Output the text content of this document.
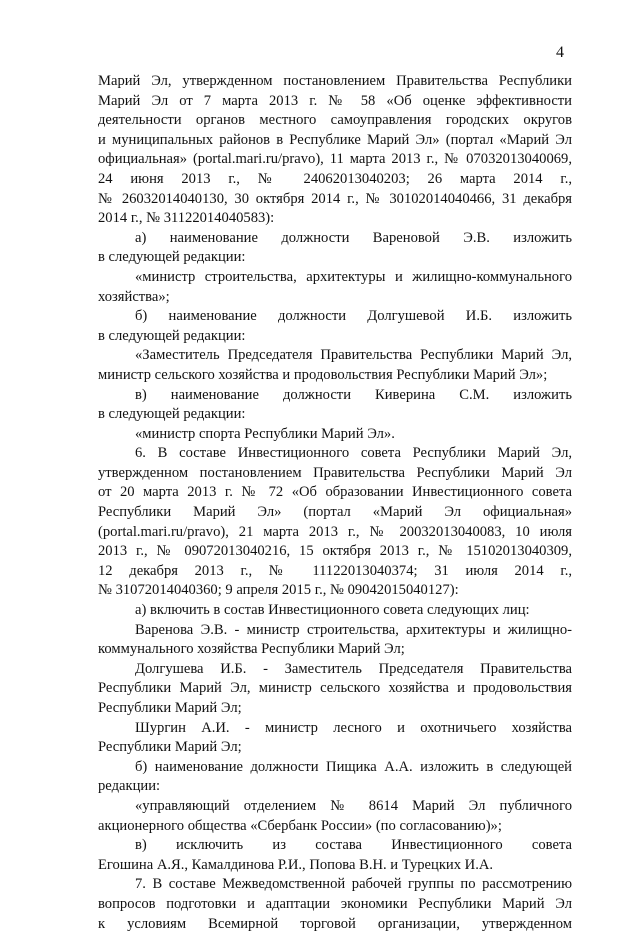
4
Марий Эл, утвержденном постановлением Правительства Республики
Марий Эл от 7 марта 2013 г. № 58 «Об оценке эффективности
деятельности органов местного самоуправления городских округов
и муниципальных районов в Республике Марий Эл» (портал «Марий Эл
официальная» (portal.mari.ru/pravo), 11 марта 2013 г., № 07032013040069,
24 июня 2013 г., № 24062013040203; 26 марта 2014 г.,
№ 26032014040130, 30 октября 2014 г., № 30102014040466, 31 декабря
2014 г., № 31122014040583):
а) наименование должности Вареновой Э.В. изложить
в следующей редакции:
«министр строительства, архитектуры и жилищно-коммунального
хозяйства»;
б) наименование должности Долгушевой И.Б. изложить
в следующей редакции:
«Заместитель Председателя Правительства Республики Марий Эл,
министр сельского хозяйства и продовольствия Республики Марий Эл»;
в) наименование должности Киверина С.М. изложить
в следующей редакции:
«министр спорта Республики Марий Эл».
6. В составе Инвестиционного совета Республики Марий Эл,
утвержденном постановлением Правительства Республики Марий Эл
от 20 марта 2013 г. № 72 «Об образовании Инвестиционного совета
Республики Марий Эл» (портал «Марий Эл официальная»
(portal.mari.ru/pravo), 21 марта 2013 г., № 20032013040083, 10 июля
2013 г., № 09072013040216, 15 октября 2013 г., № 15102013040309,
12 декабря 2013 г., № 11122013040374; 31 июля 2014 г.,
№ 31072014040360; 9 апреля 2015 г., № 09042015040127):
а) включить в состав Инвестиционного совета следующих лиц:
Варенова Э.В. - министр строительства, архитектуры и жилищно-
коммунального хозяйства Республики Марий Эл;
Долгушева И.Б. - Заместитель Председателя Правительства
Республики Марий Эл, министр сельского хозяйства и продовольствия
Республики Марий Эл;
Шургин А.И. - министр лесного и охотничьего хозяйства
Республики Марий Эл;
б) наименование должности Пищика А.А. изложить в следующей
редакции:
«управляющий отделением № 8614 Марий Эл публичного
акционерного общества «Сбербанк России» (по согласованию)»;
в) исключить из состава Инвестиционного совета
Егошина А.Я., Камалдинова Р.И., Попова В.Н. и Турецких И.А.
7. В составе Межведомственной рабочей группы по рассмотрению
вопросов подготовки и адаптации экономики Республики Марий Эл
к условиям Всемирной торговой организации, утвержденном
